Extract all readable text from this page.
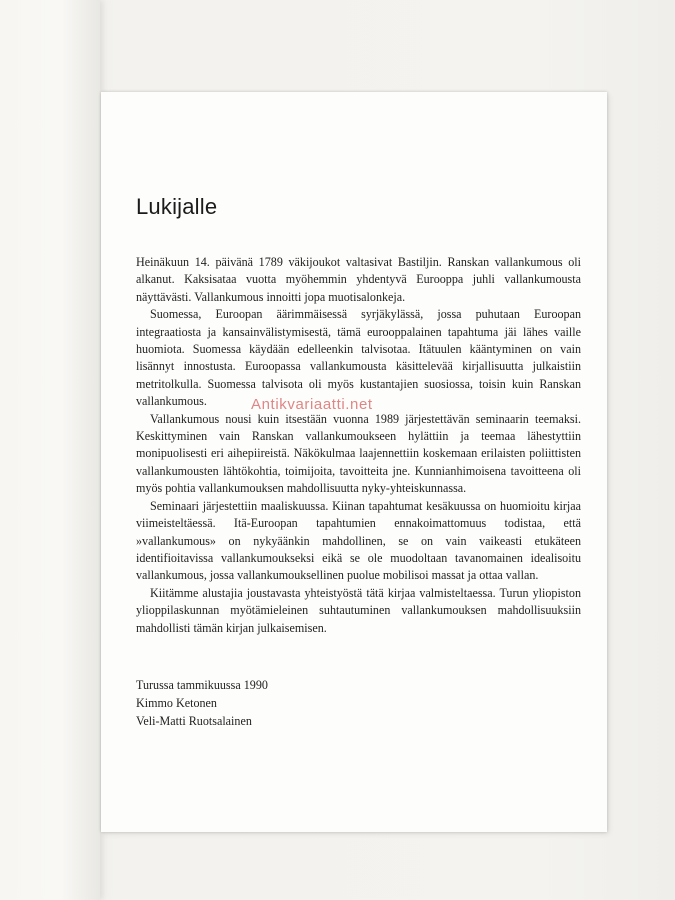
Lukijalle

Heinäkuun 14. päivänä 1789 väkijoukot valtasivat Bastiljin. Ranskan vallankumous oli alkanut. Kaksisataa vuotta myöhemmin yhdentyvä Eurooppa juhli vallankumousta näyttävästi. Vallankumous innoitti jopa muotisalonkeja.

Suomessa, Euroopan äärimmäisessä syrjäkylässä, jossa puhutaan Euroopan integraatiosta ja kansainvälistymisestä, tämä eurooppalainen tapahtuma jäi lähes vaille huomiota. Suomessa käydään edelleenkin talvisotaa. Itätuulen kääntyminen on vain lisännyt innostusta. Euroopassa vallankumousta käsittelevää kirjallisuutta julkaistiin metritolkulla. Suomessa talvisota oli myös kustantajien suosiossa, toisin kuin Ranskan vallankumous.

Vallankumous nousi kuin itsestään vuonna 1989 järjestettävän seminaarin teemaksi. Keskittyminen vain Ranskan vallankumoukseen hylättiin ja teemaa lähestyttiin monipuolisesti eri aihepiireistä. Näkökulmaa laajennettiin koskemaan erilaisten poliittisten vallankumousten lähtökohtia, toimijoita, tavoitteita jne. Kunnianhimoisena tavoitteena oli myös pohtia vallankumouksen mahdollisuutta nyky-yhteiskunnassa.

Seminaari järjestettiin maaliskuussa. Kiinan tapahtumat kesäkuussa on huomioitu kirjaa viimeisteltäessä. Itä-Euroopan tapahtumien ennakoimattomuus todistaa, että »vallankumous» on nykyäänkin mahdollinen, se on vain vaikeasti etukäteen identifioitavissa vallankumoukseksi eikä se ole muodoltaan tavanomainen idealisoitu vallankumous, jossa vallankumouksellinen puolue mobilisoi massat ja ottaa vallan.

Kiitämme alustajia joustavasta yhteistyöstä tätä kirjaa valmisteltaessa. Turun yliopiston ylioppilaskunnan myötämieleinen suhtautuminen vallankumouksen mahdollisuuksiin mahdollisti tämän kirjan julkaisemisen.

Turussa tammikuussa 1990
Kimmo Ketonen
Veli-Matti Ruotsalainen
Antikvariaatti.net
